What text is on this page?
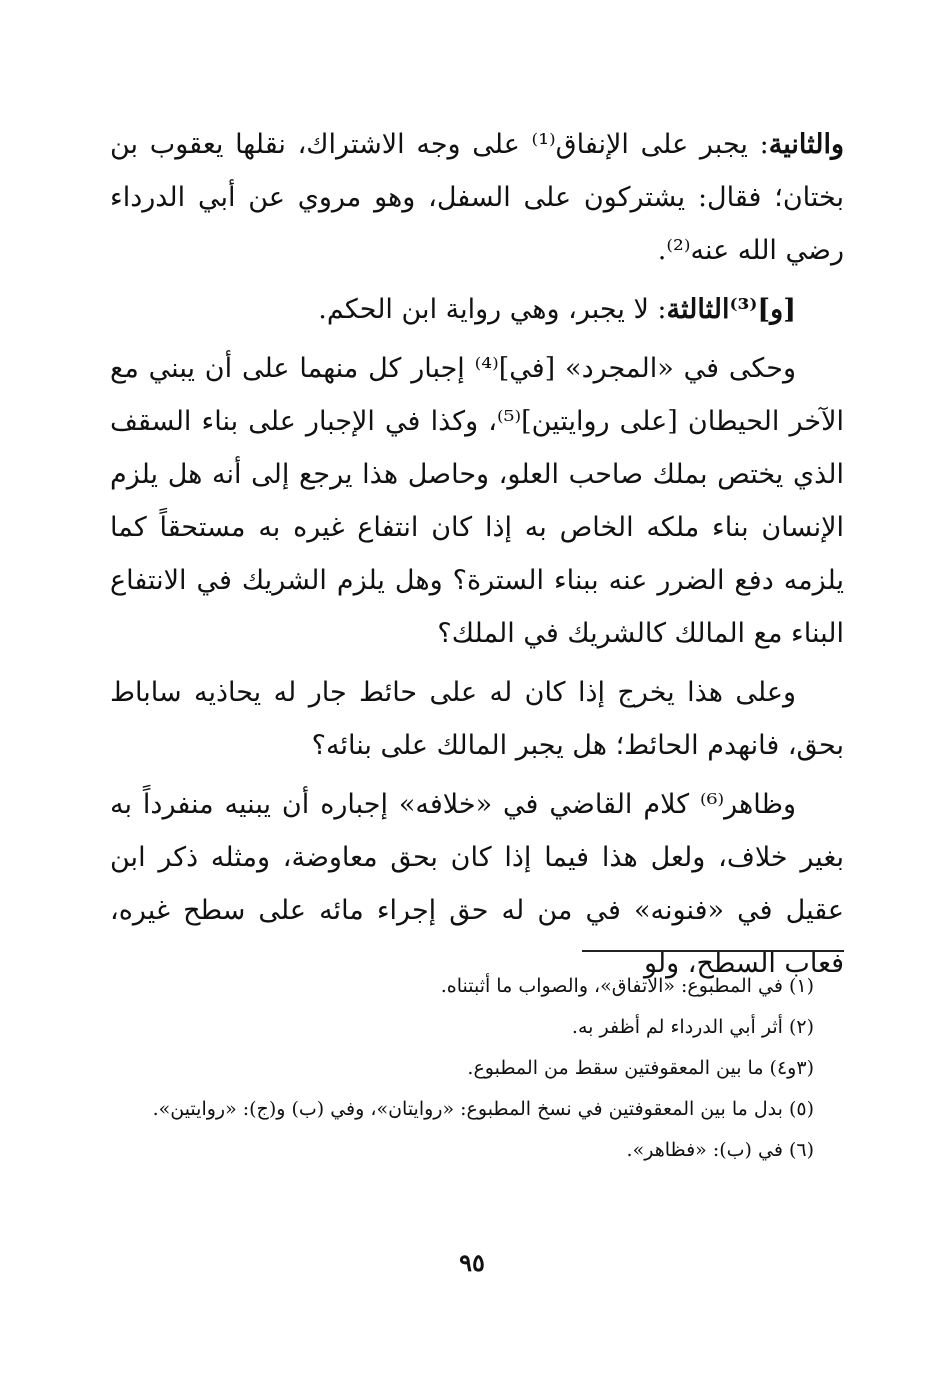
والثانية: يجبر على الإنفاق⁽¹⁾ على وجه الاشتراك، نقلها يعقوب بن بختان؛ فقال: يشتركون على السفل، وهو مروي عن أبي الدرداء رضي الله عنه⁽²⁾.

[و]⁽³⁾الثالثة: لا يجبر، وهي رواية ابن الحكم.

وحكى في «المجرد» [في]⁽⁴⁾ إجبار كل منهما على أن يبني مع الآخر الحيطان [على روايتين]⁽⁵⁾، وكذا في الإجبار على بناء السقف الذي يختص بملك صاحب العلو، وحاصل هذا يرجع إلى أنه هل يلزم الإنسان بناء ملكه الخاص به إذا كان انتفاع غيره به مستحقاً كما يلزمه دفع الضرر عنه ببناء السترة؟ وهل يلزم الشريك في الانتفاع البناء مع المالك كالشريك في الملك؟

وعلى هذا يخرج إذا كان له على حائط جار له يحاذيه ساباط بحق، فانهدم الحائط؛ هل يجبر المالك على بنائه؟

وظاهر⁽⁶⁾ كلام القاضي في «خلافه» إجباره أن يبنيه منفرداً به بغير خلاف، ولعل هذا فيما إذا كان بحق معاوضة، ومثله ذكر ابن عقيل في «فنونه» في من له حق إجراء مائه على سطح غيره، فعاب السطح، ولو

(١) في المطبوع: «الاتفاق»، والصواب ما أثبتناه.

(٢) أثر أبي الدرداء لم أظفر به.

(٣و٤) ما بين المعقوفتين سقط من المطبوع.

(٥) بدل ما بين المعقوفتين في نسخ المطبوع: «روايتان»، وفي (ب) و(ج): «روايتين».

(٦) في (ب): «فظاهر».

٩٥
